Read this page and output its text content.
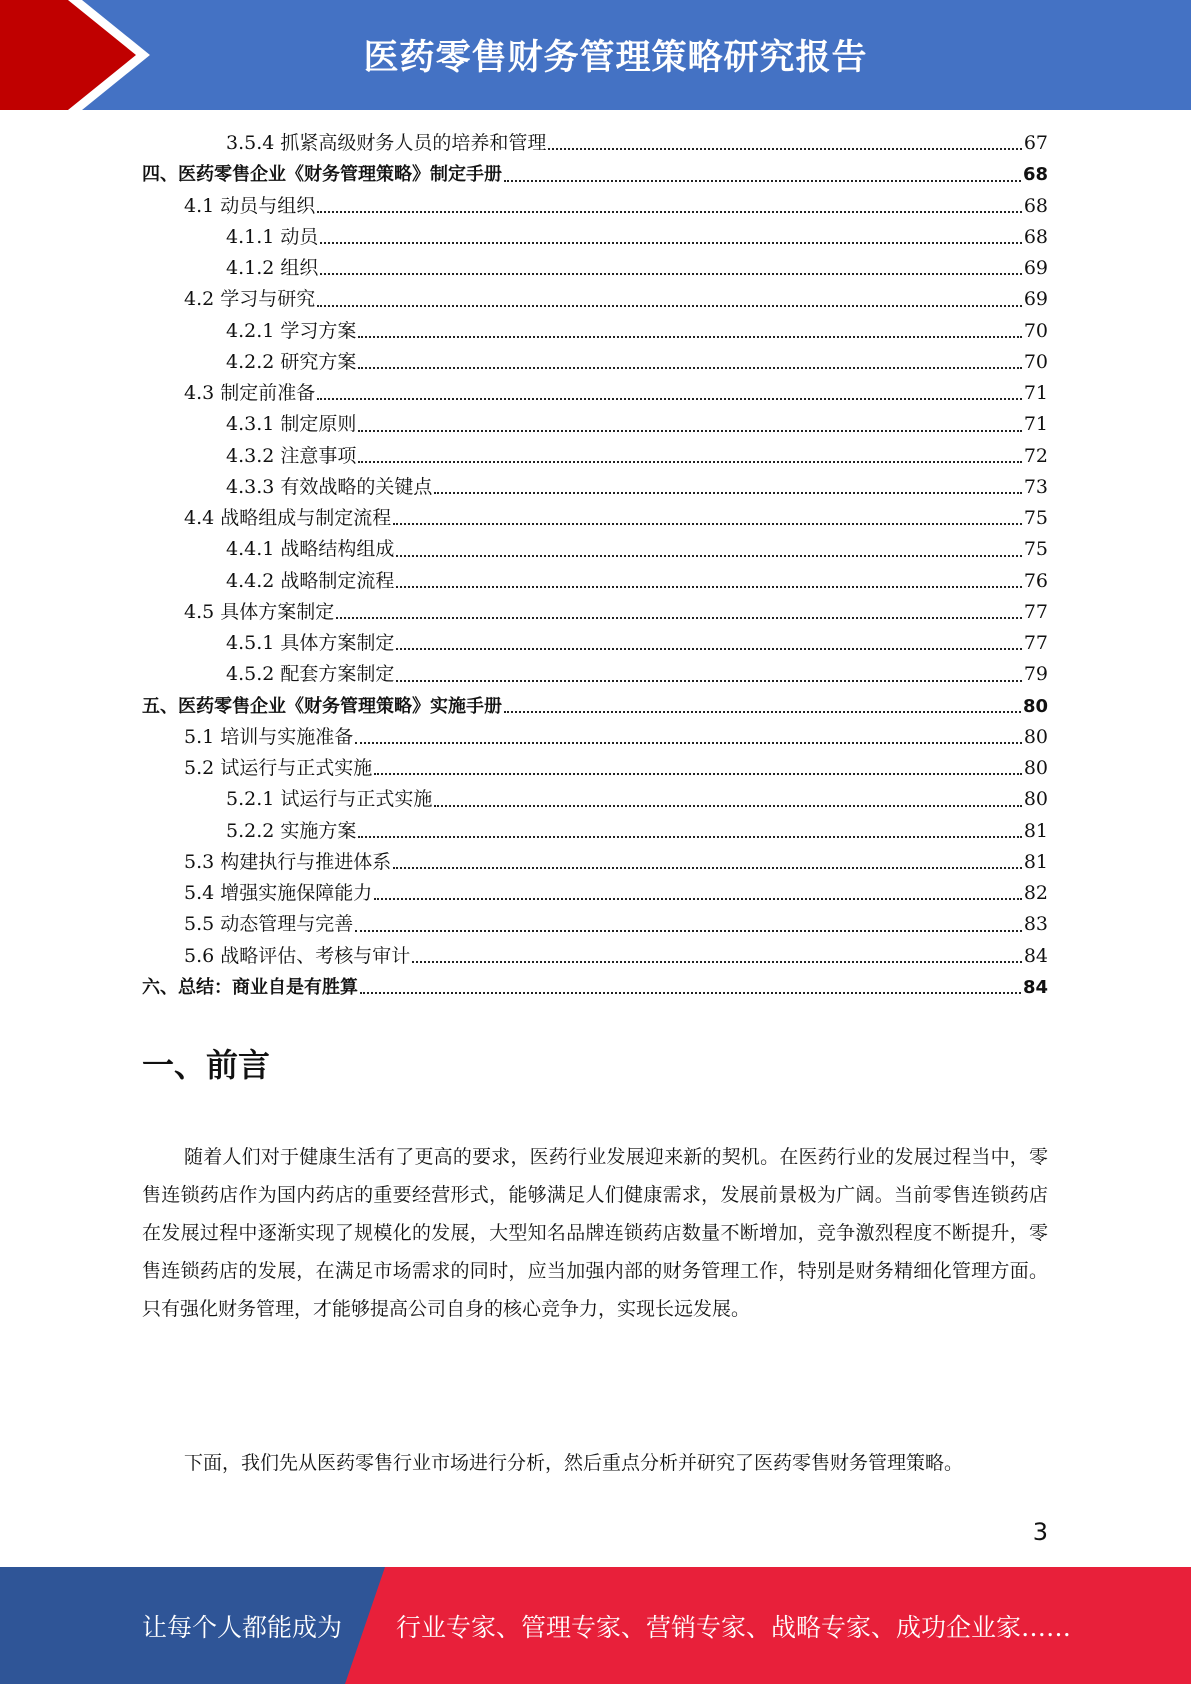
医药零售财务管理策略研究报告
3.5.4 抓紧高级财务人员的培养和管理	67
四、医药零售企业《财务管理策略》制定手册	68
4.1 动员与组织	68
4.1.1 动员	68
4.1.2 组织	69
4.2 学习与研究	69
4.2.1 学习方案	70
4.2.2 研究方案	70
4.3 制定前准备	71
4.3.1 制定原则	71
4.3.2 注意事项	72
4.3.3 有效战略的关键点	73
4.4 战略组成与制定流程	75
4.4.1 战略结构组成	75
4.4.2 战略制定流程	76
4.5 具体方案制定	77
4.5.1 具体方案制定	77
4.5.2 配套方案制定	79
五、医药零售企业《财务管理策略》实施手册	80
5.1 培训与实施准备	80
5.2 试运行与正式实施	80
5.2.1 试运行与正式实施	80
5.2.2 实施方案	81
5.3 构建执行与推进体系	81
5.4 增强实施保障能力	82
5.5 动态管理与完善	83
5.6 战略评估、考核与审计	84
六、总结：商业自是有胜算	84
一、前言

随着人们对于健康生活有了更高的要求，医药行业发展迎来新的契机。在医药行业的发展过程当中，零售连锁药店作为国内药店的重要经营形式，能够满足人们健康需求，发展前景极为广阔。当前零售连锁药店在发展过程中逐渐实现了规模化的发展，大型知名品牌连锁药店数量不断增加，竞争激烈程度不断提升，零售连锁药店的发展，在满足市场需求的同时，应当加强内部的财务管理工作，特别是财务精细化管理方面。只有强化财务管理，才能够提高公司自身的核心竞争力，实现长远发展。

下面，我们先从医药零售行业市场进行分析，然后重点分析并研究了医药零售财务管理策略。

3
让每个人都能成为 行业专家、管理专家、营销专家、战略专家、成功企业家……
